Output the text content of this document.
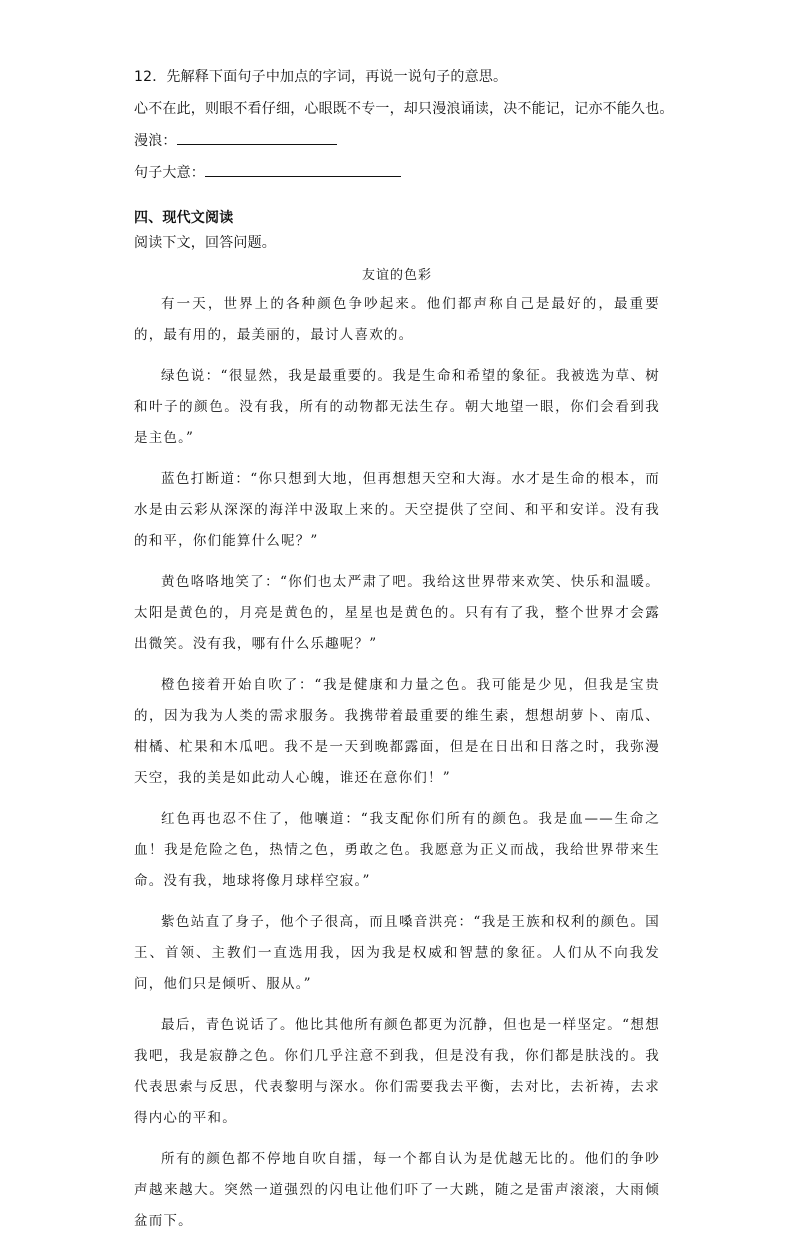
12．先解释下面句子中加点的字词，再说一说句子的意思。
心不在此，则眼不看仔细，心眼既不专一，却只漫浪诵读，决不能记，记亦不能久也。
漫浪：
句子大意：
四、现代文阅读
阅读下文，回答问题。
友谊的色彩

有一天，世界上的各种颜色争吵起来。他们都声称自己是最好的，最重要的，最有用的，最美丽的，最讨人喜欢的。

绿色说：“很显然，我是最重要的。我是生命和希望的象征。我被选为草、树和叶子的颜色。没有我，所有的动物都无法生存。朝大地望一眼，你们会看到我是主色。”

蓝色打断道：“你只想到大地，但再想想天空和大海。水才是生命的根本，而水是由云彩从深深的海洋中汲取上来的。天空提供了空间、和平和安详。没有我的和平，你们能算什么呢？”

黄色咯咯地笑了：“你们也太严肃了吧。我给这世界带来欢笑、快乐和温暖。太阳是黄色的，月亮是黄色的，星星也是黄色的。只有有了我，整个世界才会露出微笑。没有我，哪有什么乐趣呢？”

橙色接着开始自吹了：“我是健康和力量之色。我可能是少见，但我是宝贵的，因为我为人类的需求服务。我携带着最重要的维生素，想想胡萝卜、南瓜、柑橘、杧果和木瓜吧。我不是一天到晚都露面，但是在日出和日落之时，我弥漫天空，我的美是如此动人心魄，谁还在意你们！”

红色再也忍不住了，他嚷道：“我支配你们所有的颜色。我是血——生命之血！我是危险之色，热情之色，勇敢之色。我愿意为正义而战，我给世界带来生命。没有我，地球将像月球样空寂。”

紫色站直了身子，他个子很高，而且嗓音洪亮：“我是王族和权利的颜色。国王、首领、主教们一直选用我，因为我是权威和智慧的象征。人们从不向我发问，他们只是倾听、服从。”

最后，青色说话了。他比其他所有颜色都更为沉静，但也是一样坚定。“想想我吧，我是寂静之色。你们几乎注意不到我，但是没有我，你们都是肤浅的。我代表思索与反思，代表黎明与深水。你们需要我去平衡，去对比，去祈祷，去求得内心的平和。

所有的颜色都不停地自吹自擂，每一个都自认为是优越无比的。他们的争吵声越来越大。突然一道强烈的闪电让他们吓了一大跳，随之是雷声滚滚，大雨倾盆而下。
